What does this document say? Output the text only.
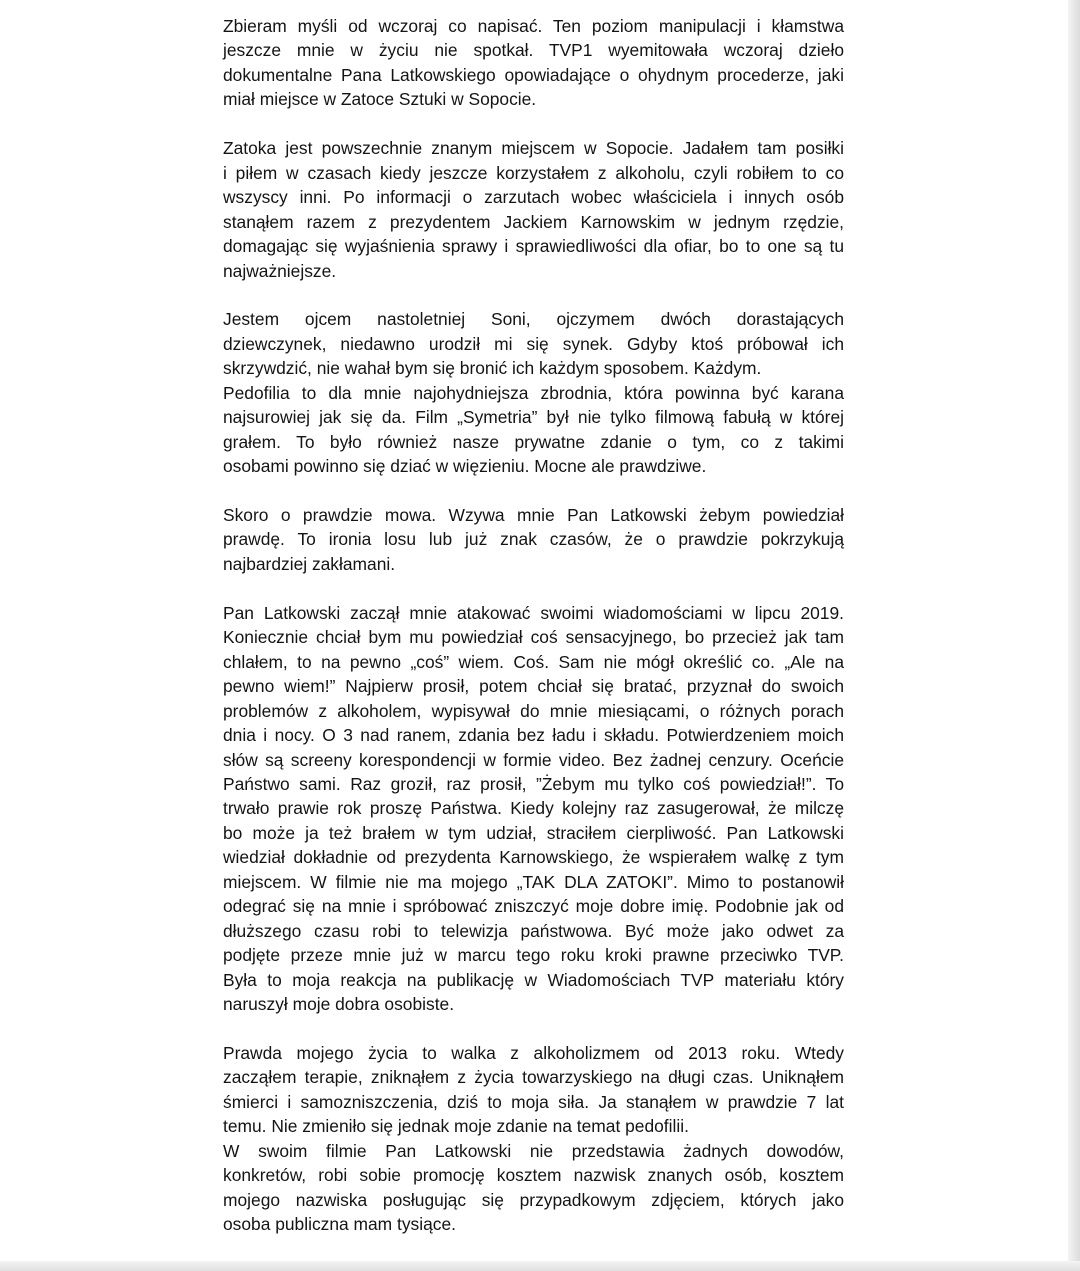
Zbieram myśli od wczoraj co napisać. Ten poziom manipulacji i kłamstwa
jeszcze mnie w życiu nie spotkał. TVP1 wyemitowała wczoraj dzieło
dokumentalne Pana Latkowskiego opowiadające o ohydnym procederze, jaki
miał miejsce w Zatoce Sztuki w Sopocie.
Zatoka jest powszechnie znanym miejscem w Sopocie. Jadałem tam posiłki
i piłem w czasach kiedy jeszcze korzystałem z alkoholu, czyli robiłem to co
wszyscy inni. Po informacji o zarzutach wobec właściciela i innych osób
stanąłem razem z prezydentem Jackiem Karnowskim w jednym rzędzie,
domagając się wyjaśnienia sprawy i sprawiedliwości dla ofiar, bo to one są tu
najważniejsze.
Jestem ojcem nastoletniej Soni, ojczymem dwóch dorastających
dziewczynek, niedawno urodził mi się synek. Gdyby ktoś próbował ich
skrzywdzić, nie wahał bym się bronić ich każdym sposobem. Każdym.
Pedofilia to dla mnie najohydniejsza zbrodnia, która powinna być karana
najsurowiej jak się da. Film „Symetria” był nie tylko filmową fabułą w której
grałem. To było również nasze prywatne zdanie o tym, co z takimi
osobami powinno się dziać w więzieniu. Mocne ale prawdziwe.
Skoro o prawdzie mowa. Wzywa mnie Pan Latkowski żebym powiedział
prawdę. To ironia losu lub już znak czasów, że o prawdzie pokrzykują
najbardziej zakłamani.
Pan Latkowski zaczął mnie atakować swoimi wiadomościami w lipcu 2019.
Koniecznie chciał bym mu powiedział coś sensacyjnego, bo przecież jak tam
chlałem, to na pewno „coś” wiem. Coś. Sam nie mógł określić co. „Ale na
pewno wiem!” Najpierw prosił, potem chciał się bratać, przyznał do swoich
problemów z alkoholem, wypisywał do mnie miesiącami, o różnych porach
dnia i nocy. O 3 nad ranem, zdania bez ładu i składu. Potwierdzeniem moich
słów są screeny korespondencji w formie video. Bez żadnej cenzury. Oceńcie
Państwo sami. Raz groził, raz prosił, ”Żebym mu tylko coś powiedział!”. To
trwało prawie rok proszę Państwa. Kiedy kolejny raz zasugerował, że milczę
bo może ja też brałem w tym udział, straciłem cierpliwość. Pan Latkowski
wiedział dokładnie od prezydenta Karnowskiego, że wspierałem walkę z tym
miejscem. W filmie nie ma mojego „TAK DLA ZATOKI”. Mimo to postanowił
odegrać się na mnie i spróbować zniszczyć moje dobre imię. Podobnie jak od
dłuższego czasu robi to telewizja państwowa. Być może jako odwet za
podjęte przeze mnie już w marcu tego roku kroki prawne przeciwko TVP.
Była to moja reakcja na publikację w Wiadomościach TVP materiału który
naruszył moje dobra osobiste.
Prawda mojego życia to walka z alkoholizmem od 2013 roku. Wtedy
zacząłem terapie, zniknąłem z życia towarzyskiego na długi czas. Uniknąłem
śmierci i samozniszczenia, dziś to moja siła. Ja stanąłem w prawdzie 7 lat
temu. Nie zmieniło się jednak moje zdanie na temat pedofilii.
W swoim filmie Pan Latkowski nie przedstawia żadnych dowodów,
konkretów, robi sobie promocję kosztem nazwisk znanych osób, kosztem
mojego nazwiska posługując się przypadkowym zdjęciem, których jako
osoba publiczna mam tysiące.
